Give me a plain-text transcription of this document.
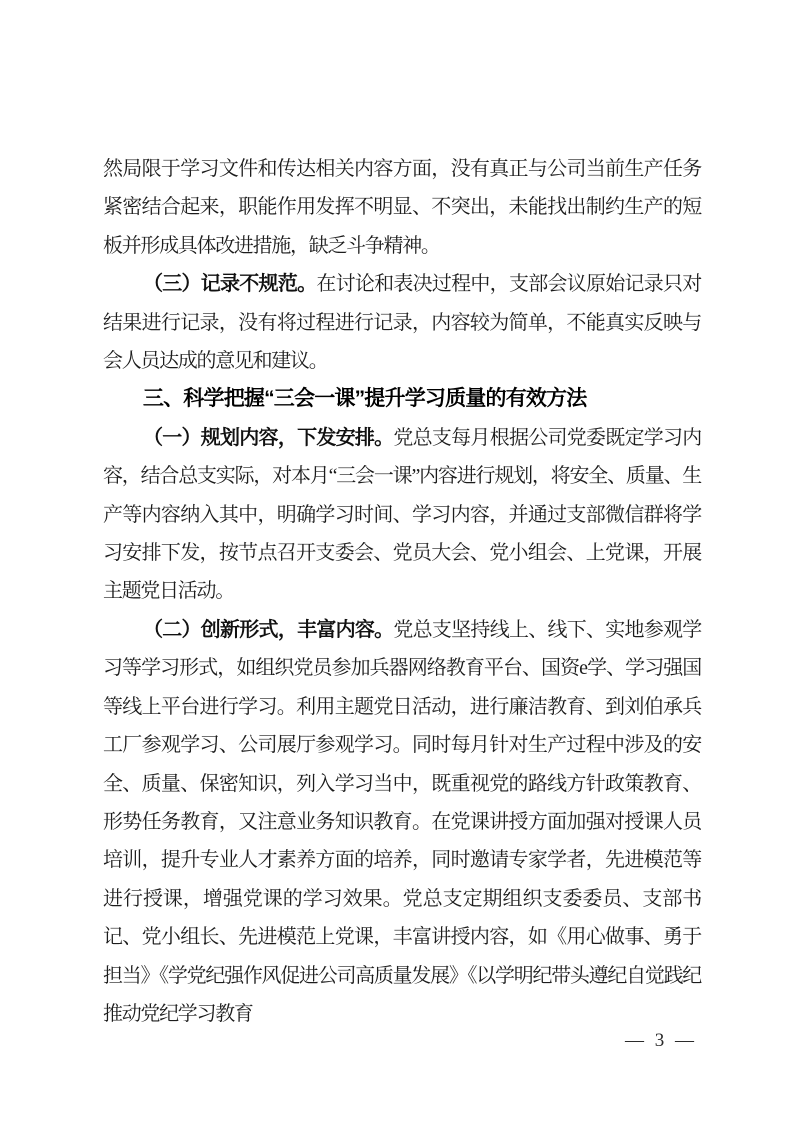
然局限于学习文件和传达相关内容方面，没有真正与公司当前生产任务紧密结合起来，职能作用发挥不明显、不突出，未能找出制约生产的短板并形成具体改进措施，缺乏斗争精神。

（三）记录不规范。在讨论和表决过程中，支部会议原始记录只对结果进行记录，没有将过程进行记录，内容较为简单，不能真实反映与会人员达成的意见和建议。

三、科学把握“三会一课”提升学习质量的有效方法

（一）规划内容，下发安排。党总支每月根据公司党委既定学习内容，结合总支实际，对本月“三会一课”内容进行规划，将安全、质量、生产等内容纳入其中，明确学习时间、学习内容，并通过支部微信群将学习安排下发，按节点召开支委会、党员大会、党小组会、上党课，开展主题党日活动。

（二）创新形式，丰富内容。党总支坚持线上、线下、实地参观学习等学习形式，如组织党员参加兵器网络教育平台、国资e学、学习强国等线上平台进行学习。利用主题党日活动，进行廉洁教育、到刘伯承兵工厂参观学习、公司展厅参观学习。同时每月针对生产过程中涉及的安全、质量、保密知识，列入学习当中，既重视党的路线方针政策教育、形势任务教育，又注意业务知识教育。在党课讲授方面加强对授课人员培训，提升专业人才素养方面的培养，同时邀请专家学者，先进模范等进行授课，增强党课的学习效果。党总支定期组织支委委员、支部书记、党小组长、先进模范上党课，丰富讲授内容，如《用心做事、勇于担当》《学党纪强作风促进公司高质量发展》《以学明纪带头遵纪自觉践纪推动党纪学习教育

— 3 —
